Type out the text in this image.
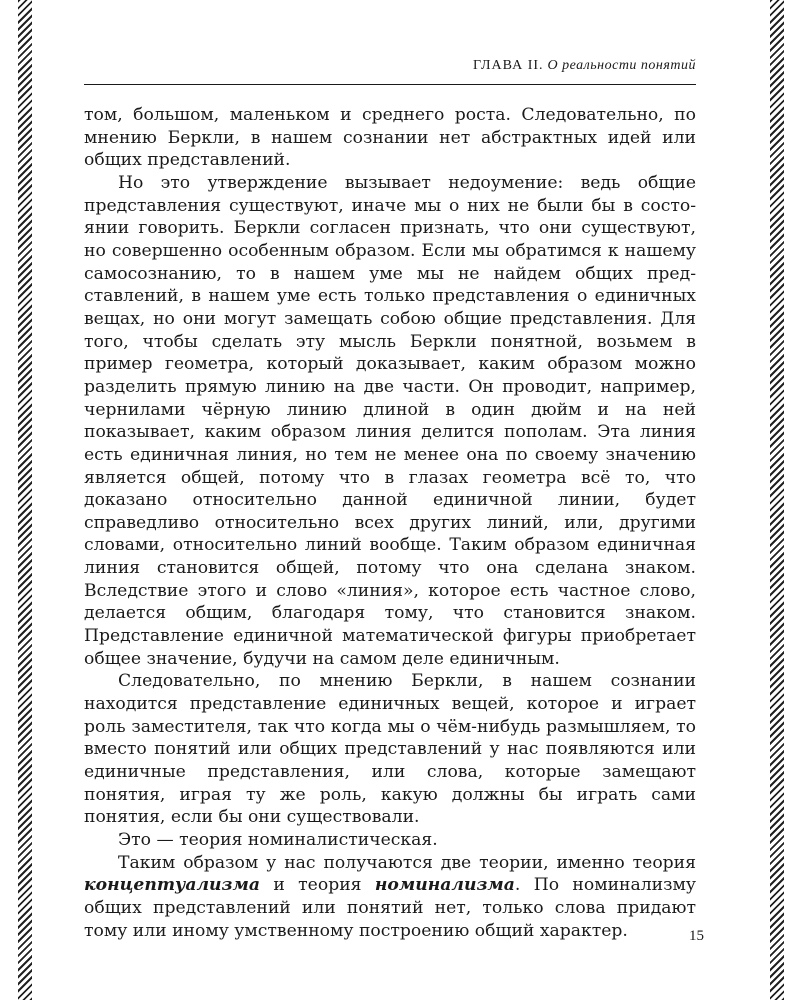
ГЛАВА II. О реальности понятий

том, большом, маленьком и среднего роста. Следовательно, по мнению Беркли, в нашем сознании нет абстрактных идей или общих представлений.

Но это утверждение вызывает недоумение: ведь общие представления существуют, иначе мы о них не были бы в состоянии говорить. Беркли согласен признать, что они существуют, но совершенно особенным образом. Если мы обратимся к нашему самосознанию, то в нашем уме мы не найдем общих представлений, в нашем уме есть только представления о единичных вещах, но они могут замещать собою общие представления. Для того, чтобы сделать эту мысль Беркли понятной, возьмем в пример геометра, который доказывает, каким образом можно разделить прямую линию на две части. Он проводит, например, чернилами чёрную линию длиной в один дюйм и на ней показывает, каким образом линия делится пополам. Эта линия есть единичная линия, но тем не менее она по своему значению является общей, потому что в глазах геометра всё то, что доказано относительно данной единичной линии, будет справедливо относительно всех других линий, или, другими словами, относительно линий вообще. Таким образом единичная линия становится общей, потому что она сделана знаком. Вследствие этого и слово «линия», которое есть частное слово, делается общим, благодаря тому, что становится знаком. Представление единичной математической фигуры приобретает общее значение, будучи на самом деле единичным.

Следовательно, по мнению Беркли, в нашем сознании находится представление единичных вещей, которое и играет роль заместителя, так что когда мы о чём-нибудь размышляем, то вместо понятий или общих представлений у нас появляются или единичные представления, или слова, которые замещают понятия, играя ту же роль, какую должны бы играть сами понятия, если бы они существовали.

Это — теория номиналистическая.

Таким образом у нас получаются две теории, именно теория концептуализма и теория номинализма. По номинализму общих представлений или понятий нет, только слова придают тому или иному умственному построению общий характер.	15
